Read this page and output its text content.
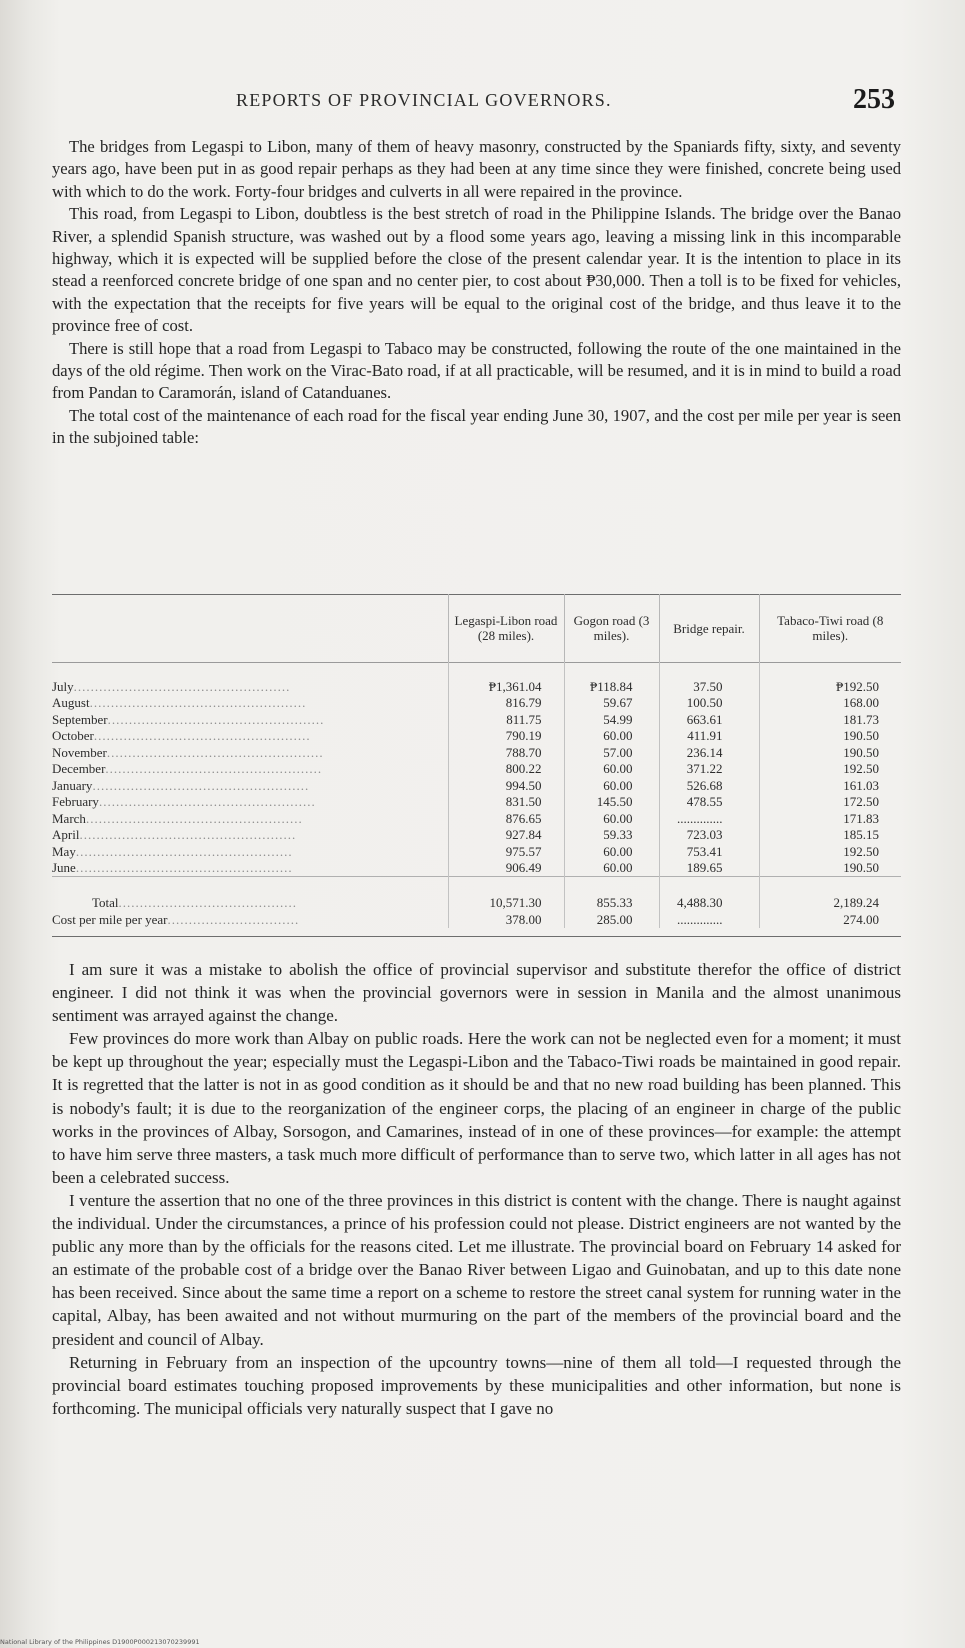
REPORTS OF PROVINCIAL GOVERNORS.	253

The bridges from Legaspi to Libon, many of them of heavy masonry, constructed by the Spaniards fifty, sixty, and seventy years ago, have been put in as good repair perhaps as they had been at any time since they were finished, concrete being used with which to do the work. Forty-four bridges and culverts in all were repaired in the province.

This road, from Legaspi to Libon, doubtless is the best stretch of road in the Philippine Islands. The bridge over the Banao River, a splendid Spanish structure, was washed out by a flood some years ago, leaving a missing link in this incomparable highway, which it is expected will be supplied before the close of the present calendar year. It is the intention to place in its stead a reenforced concrete bridge of one span and no center pier, to cost about ₱30,000. Then a toll is to be fixed for vehicles, with the expectation that the receipts for five years will be equal to the original cost of the bridge, and thus leave it to the province free of cost.

There is still hope that a road from Legaspi to Tabaco may be constructed, following the route of the one maintained in the days of the old régime. Then work on the Virac-Bato road, if at all practicable, will be resumed, and it is in mind to build a road from Pandan to Caramorán, island of Catanduanes.

The total cost of the maintenance of each road for the fiscal year ending June 30, 1907, and the cost per mile per year is seen in the subjoined table:

	Legaspi-Libon road (28 miles).	Gogon road (3 miles).	Bridge repair.	Tabaco-Tiwi road (8 miles).

July...................................................	₱1,361.04	₱118.84	37.50	₱192.50
August...................................................	816.79	59.67	100.50	168.00
September...................................................	811.75	54.99	663.61	181.73
October...................................................	790.19	60.00	411.91	190.50
November...................................................	788.70	57.00	236.14	190.50
December...................................................	800.22	60.00	371.22	192.50
January...................................................	994.50	60.00	526.68	161.03
February...................................................	831.50	145.50	478.55	172.50
March...................................................	876.65	60.00	..............	171.83
April...................................................	927.84	59.33	723.03	185.15
May...................................................	975.57	60.00	753.41	192.50
June...................................................	906.49	60.00	189.65	190.50

Total..........................................	10,571.30	855.33	4,488.30	2,189.24
Cost per mile per year...............................	378.00	285.00	..............	274.00

I am sure it was a mistake to abolish the office of provincial supervisor and substitute therefor the office of district engineer. I did not think it was when the provincial governors were in session in Manila and the almost unanimous sentiment was arrayed against the change.

Few provinces do more work than Albay on public roads. Here the work can not be neglected even for a moment; it must be kept up throughout the year; especially must the Legaspi-Libon and the Tabaco-Tiwi roads be maintained in good repair. It is regretted that the latter is not in as good condition as it should be and that no new road building has been planned. This is nobody's fault; it is due to the reorganization of the engineer corps, the placing of an engineer in charge of the public works in the provinces of Albay, Sorsogon, and Camarines, instead of in one of these provinces—for example: the attempt to have him serve three masters, a task much more difficult of performance than to serve two, which latter in all ages has not been a celebrated success.

I venture the assertion that no one of the three provinces in this district is content with the change. There is naught against the individual. Under the circumstances, a prince of his profession could not please. District engineers are not wanted by the public any more than by the officials for the reasons cited. Let me illustrate. The provincial board on February 14 asked for an estimate of the probable cost of a bridge over the Banao River between Ligao and Guinobatan, and up to this date none has been received. Since about the same time a report on a scheme to restore the street canal system for running water in the capital, Albay, has been awaited and not without murmuring on the part of the members of the provincial board and the president and council of Albay.

Returning in February from an inspection of the upcountry towns—nine of them all told—I requested through the provincial board estimates touching proposed improvements by these municipalities and other information, but none is forthcoming. The municipal officials very naturally suspect that I gave no

National Library of the Philippines D1900P000213070239991
